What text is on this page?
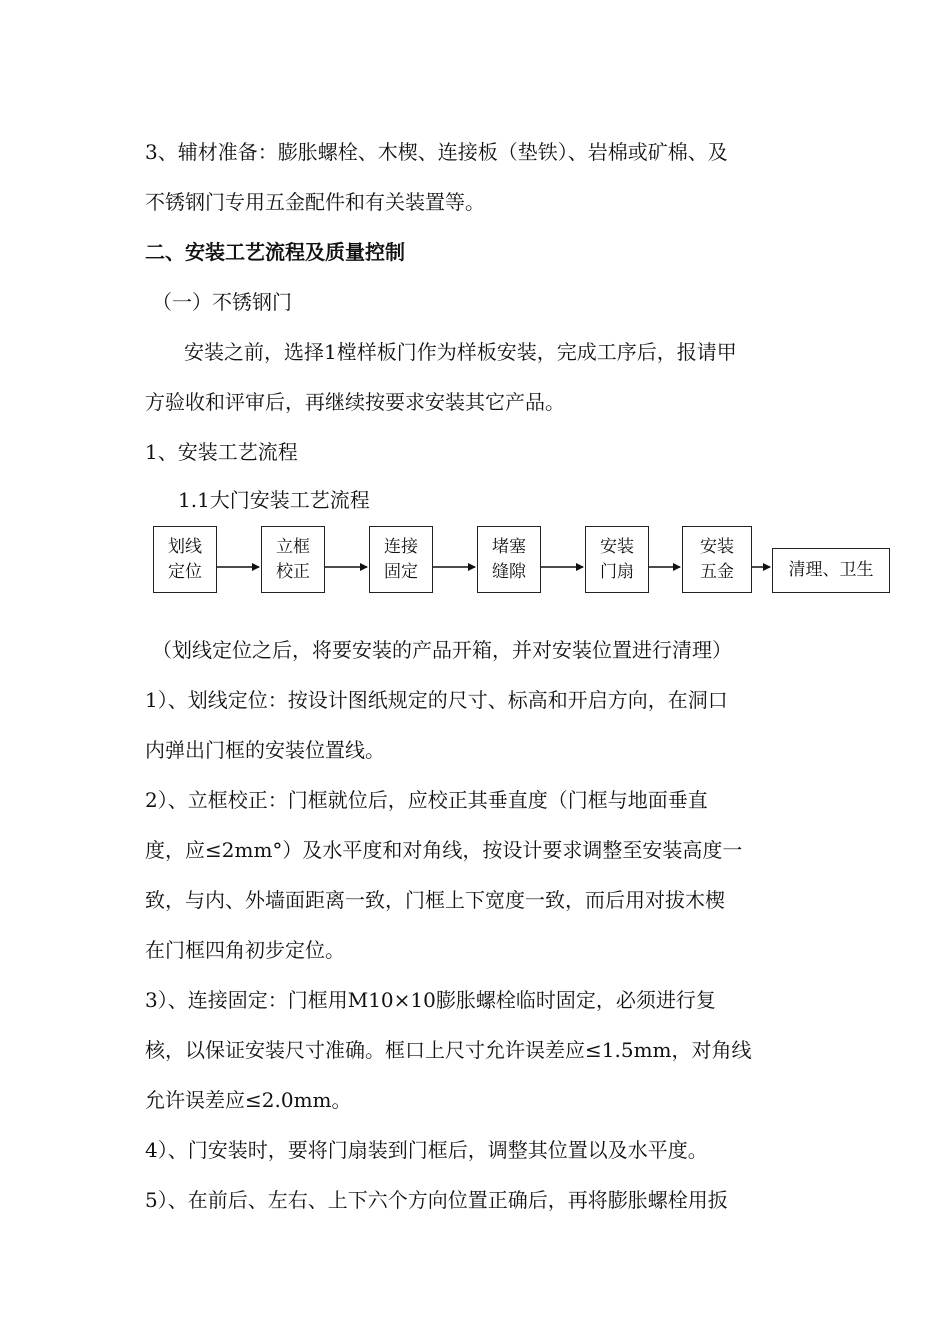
3、辅材准备：膨胀螺栓、木楔、连接板（垫铁）、岩棉或矿棉、及
不锈钢门专用五金配件和有关装置等。
二、安装工艺流程及质量控制
（一）不锈钢门
安装之前，选择1樘样板门作为样板安装，完成工序后，报请甲
方验收和评审后，再继续按要求安装其它产品。
1、安装工艺流程
1.1大门安装工艺流程
划线
定位
立框
校正
连接
固定
堵塞
缝隙
安装
门扇
安装
五金	清理、卫生
（划线定位之后，将要安装的产品开箱，并对安装位置进行清理）
1）、划线定位：按设计图纸规定的尺寸、标高和开启方向，在洞口
内弹出门框的安装位置线。
2）、立框校正：门框就位后，应校正其垂直度（门框与地面垂直
度，应≤2mm°）及水平度和对角线，按设计要求调整至安装高度一
致，与内、外墙面距离一致，门框上下宽度一致，而后用对拔木楔
在门框四角初步定位。
3）、连接固定：门框用M10×10膨胀螺栓临时固定，必须进行复
核，以保证安装尺寸准确。框口上尺寸允许误差应≤1.5mm，对角线
允许误差应≤2.0mm。
4）、门安装时，要将门扇装到门框后，调整其位置以及水平度。
5）、在前后、左右、上下六个方向位置正确后，再将膨胀螺栓用扳
